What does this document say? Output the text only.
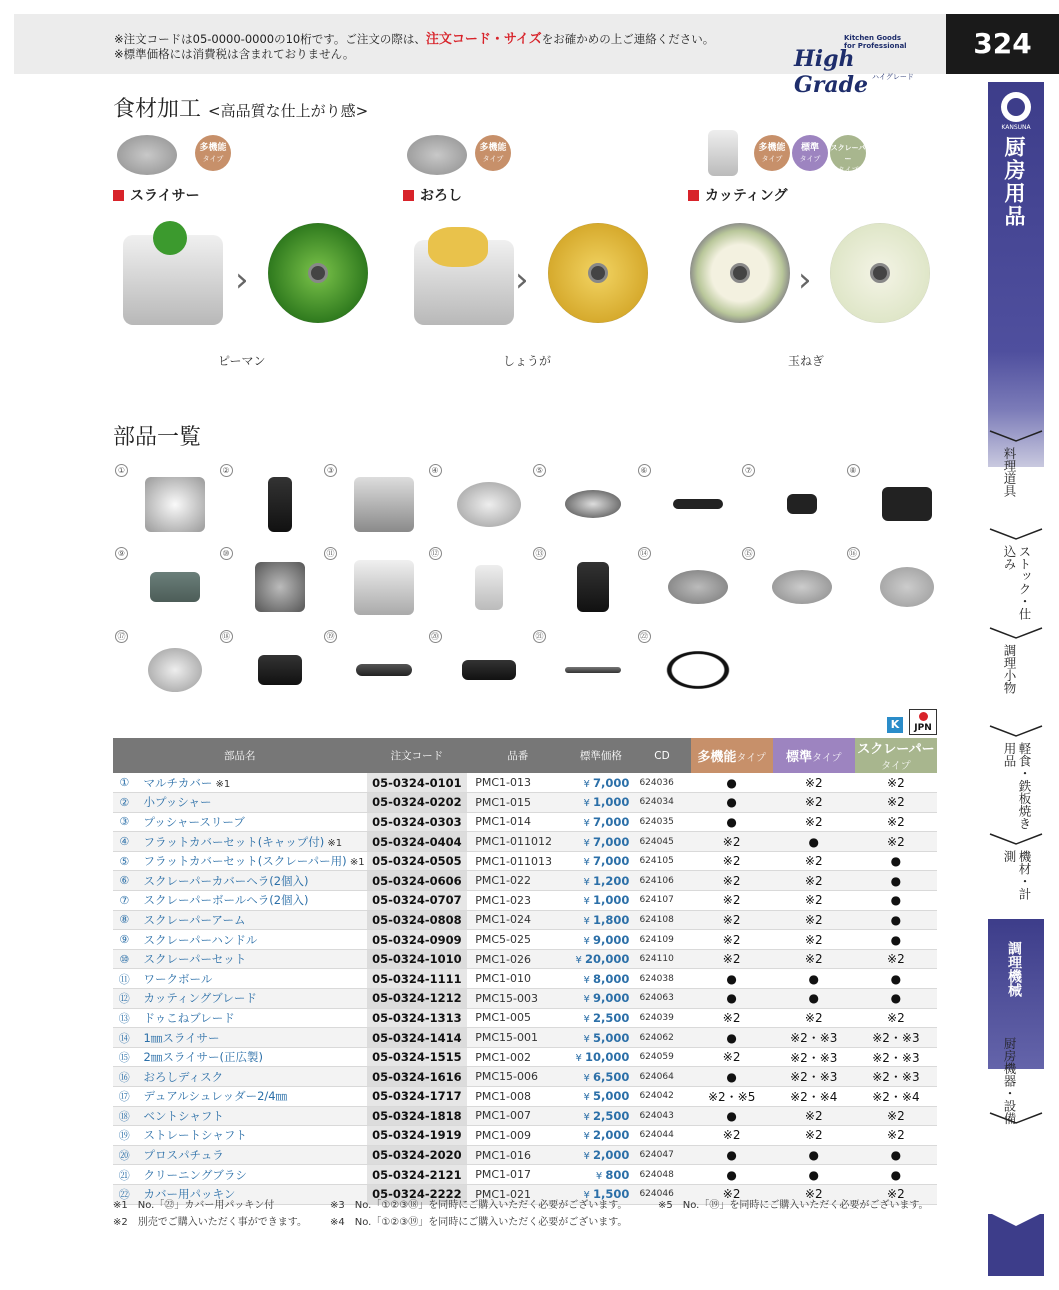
※注文コードは05-0000-0000の10桁です。ご注文の際は、注文コード・サイズをお確かめの上ご連絡ください。
※標準価格には消費税は含まれておりません。
Kitchen Goods
for Professional
High Grade ハイグレード
324
KANSUNA
厨房用品
料理道具
ストック・仕込み
調理小物
軽食・鉄板焼き用品
機材・計測
調理機械
厨房機器・設備
食材加工 <高品質な仕上がり感>
多機能
タイプ
スライサー
›
ピーマン
多機能
タイプ
おろし
›
しょうが
多機能
タイプ
標準
タイプ
スクレーパー
タイプ
カッティング
›
玉ねぎ
部品一覧
①	②	③	④	⑤	⑥	⑦	⑧
⑨	⑩	⑪	⑫	⑬	⑭	⑮	⑯
⑰	⑱	⑲	⑳	㉑	㉒
K	JPN
部品名		注文コード	品番	標準価格	CD	多機能タイプ	標準タイプ	スクレーパータイプ
①	マルチカバー ※1	05-0324-0101	PMC1-013	¥ 7,000	624036	●	※2	※2
②	小プッシャー	05-0324-0202	PMC1-015	¥ 1,000	624034	●	※2	※2
③	プッシャースリーブ	05-0324-0303	PMC1-014	¥ 7,000	624035	●	※2	※2
④	フラットカバーセット(キャップ付) ※1	05-0324-0404	PMC1-011012	¥ 7,000	624045	※2	●	※2
⑤	フラットカバーセット(スクレーパー用) ※1	05-0324-0505	PMC1-011013	¥ 7,000	624105	※2	※2	●
⑥	スクレーパーカバーヘラ(2個入)	05-0324-0606	PMC1-022	¥ 1,200	624106	※2	※2	●
⑦	スクレーパーボールヘラ(2個入)	05-0324-0707	PMC1-023	¥ 1,000	624107	※2	※2	●
⑧	スクレーパーアーム	05-0324-0808	PMC1-024	¥ 1,800	624108	※2	※2	●
⑨	スクレーパーハンドル	05-0324-0909	PMC5-025	¥ 9,000	624109	※2	※2	●
⑩	スクレーパーセット	05-0324-1010	PMC1-026	¥ 20,000	624110	※2	※2	※2
⑪	ワークボール	05-0324-1111	PMC1-010	¥ 8,000	624038	●	●	●
⑫	カッティングブレード	05-0324-1212	PMC15-003	¥ 9,000	624063	●	●	●
⑬	ドゥこねブレード	05-0324-1313	PMC1-005	¥ 2,500	624039	※2	※2	※2
⑭	1㎜スライサー	05-0324-1414	PMC15-001	¥ 5,000	624062	●	※2・※3	※2・※3
⑮	2㎜スライサー(正広製)	05-0324-1515	PMC1-002	¥ 10,000	624059	※2	※2・※3	※2・※3
⑯	おろしディスク	05-0324-1616	PMC15-006	¥ 6,500	624064	●	※2・※3	※2・※3
⑰	デュアルシュレッダー2/4㎜	05-0324-1717	PMC1-008	¥ 5,000	624042	※2・※5	※2・※4	※2・※4
⑱	ベントシャフト	05-0324-1818	PMC1-007	¥ 2,500	624043	●	※2	※2
⑲	ストレートシャフト	05-0324-1919	PMC1-009	¥ 2,000	624044	※2	※2	※2
⑳	プロスパチュラ	05-0324-2020	PMC1-016	¥ 2,000	624047	●	●	●
㉑	クリーニングブラシ	05-0324-2121	PMC1-017	¥ 800	624048	●	●	●
㉒	カバー用パッキン	05-0324-2222	PMC1-021	¥ 1,500	624046	※2	※2	※2
※1　No.「㉒」カバー用パッキン付
※2　別売でご購入いただく事ができます。
※3　No.「①②③⑱」を同時にご購入いただく必要がございます。
※4　No.「①②③⑲」を同時にご購入いただく必要がございます。
※5　No.「⑲」を同時にご購入いただく必要がございます。
